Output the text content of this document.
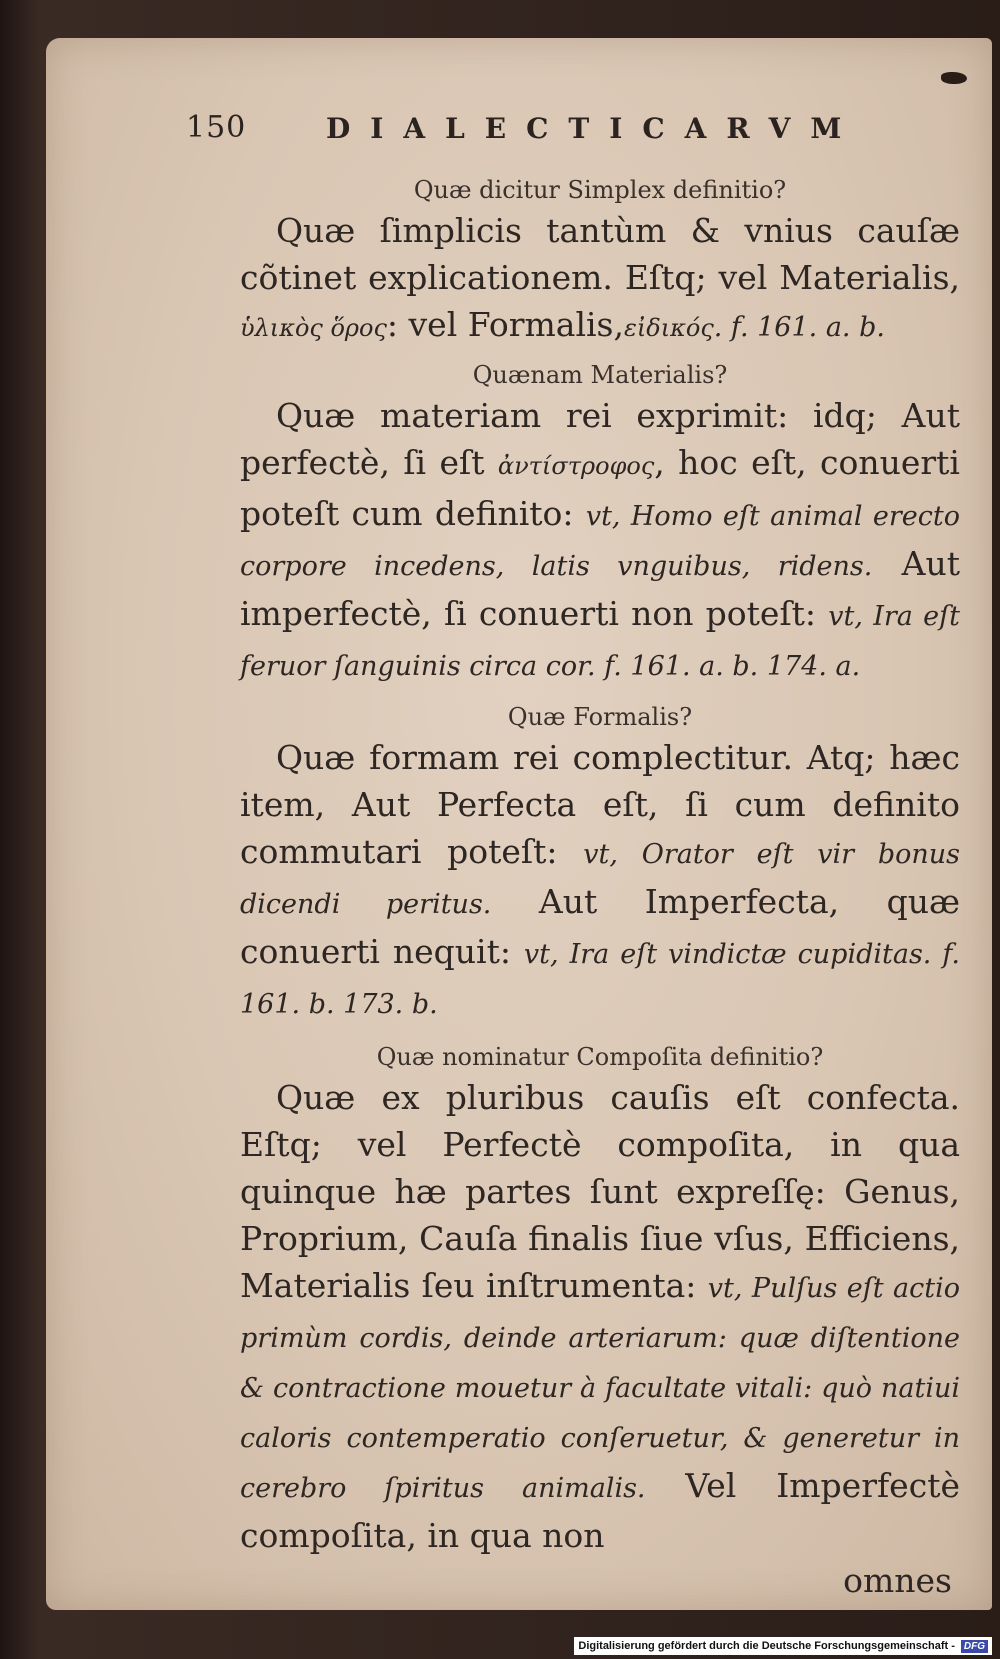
150	DIALECTICARVM

Quæ dicitur Simplex definitio?

Quæ ſimplicis tantùm & vnius cauſæ cõtinet explicationem. Eſtq; vel Materialis, ὑλικὸς ὅρος: vel Formalis,εἰδικός. f. 161. a. b.

Quænam Materialis?

Quæ materiam rei exprimit: idq; Aut perfectè, ſi eſt ἀντίστροφος, hoc eſt, conuerti poteſt cum definito: vt, Homo eſt animal erecto corpore incedens, latis vnguibus, ridens. Aut imperfectè, ſi conuerti non poteſt: vt, Ira eſt feruor ſanguinis circa cor. f. 161. a. b. 174. a.

Quæ Formalis?

Quæ formam rei complectitur. Atq; hæc item, Aut Perfecta eſt, ſi cum definito commutari poteſt: vt, Orator eſt vir bonus dicendi peritus. Aut Imperfecta, quæ conuerti nequit: vt, Ira eſt vindictæ cupiditas. f. 161. b. 173. b.

Quæ nominatur Compoſita definitio?

Quæ ex pluribus cauſis eſt confecta. Eſtq; vel Perfectè compoſita, in qua quinque hæ partes ſunt expreſſę: Genus, Proprium, Cauſa finalis ſiue vſus, Efficiens, Materialis ſeu inſtrumenta: vt, Pulſus eſt actio primùm cordis, deinde arteriarum: quæ diſtentione & contractione mouetur à facultate vitali: quò natiui caloris contemperatio conſeruetur, & generetur in cerebro ſpiritus animalis. Vel Imperfectè compoſita, in qua non

omnes

Digitalisierung gefördert durch die Deutsche Forschungsgemeinschaft - DFG
